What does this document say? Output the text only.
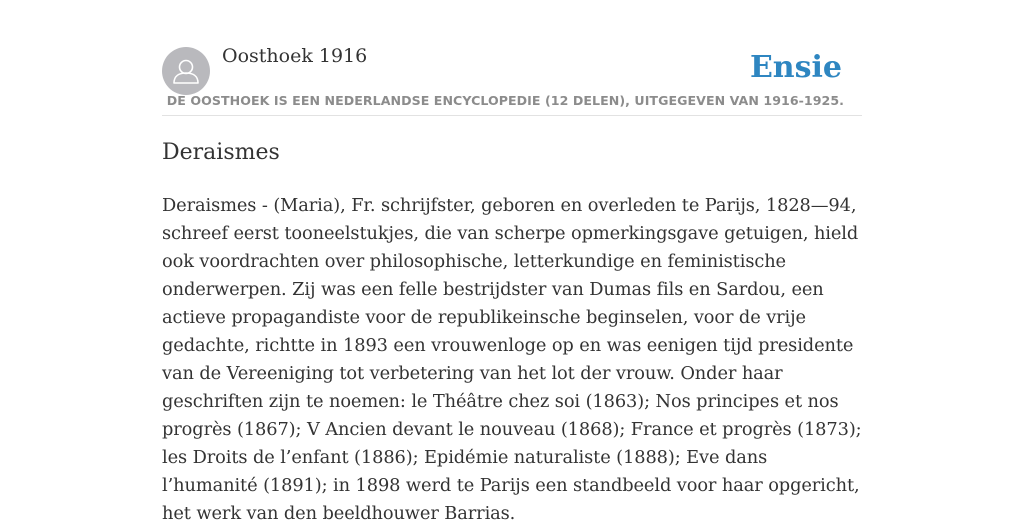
Oosthoek 1916	Ensie
DE OOSTHOEK IS EEN NEDERLANDSE ENCYCLOPEDIE (12 DELEN), UITGEGEVEN VAN 1916-1925.
Deraismes

Deraismes - (Maria), Fr. schrijfster, geboren en overleden te Parijs, 1828—94, schreef eerst tooneelstukjes, die van scherpe opmerkingsgave getuigen, hield ook voordrachten over philosophische, letterkundige en feministische onderwerpen. Zij was een felle bestrijdster van Dumas fils en Sardou, een actieve propagandiste voor de republikeinsche beginselen, voor de vrije gedachte, richtte in 1893 een vrouwenloge op en was eenigen tijd presidente van de Vereeniging tot verbetering van het lot der vrouw. Onder haar geschriften zijn te noemen: le Théâtre chez soi (1863); Nos principes et nos progrès (1867); V Ancien devant le nouveau (1868); France et progrès (1873); les Droits de l’enfant (1886); Epidémie naturaliste (1888); Eve dans l’humanité (1891); in 1898 werd te Parijs een standbeeld voor haar opgericht, het werk van den beeldhouwer Barrias.
